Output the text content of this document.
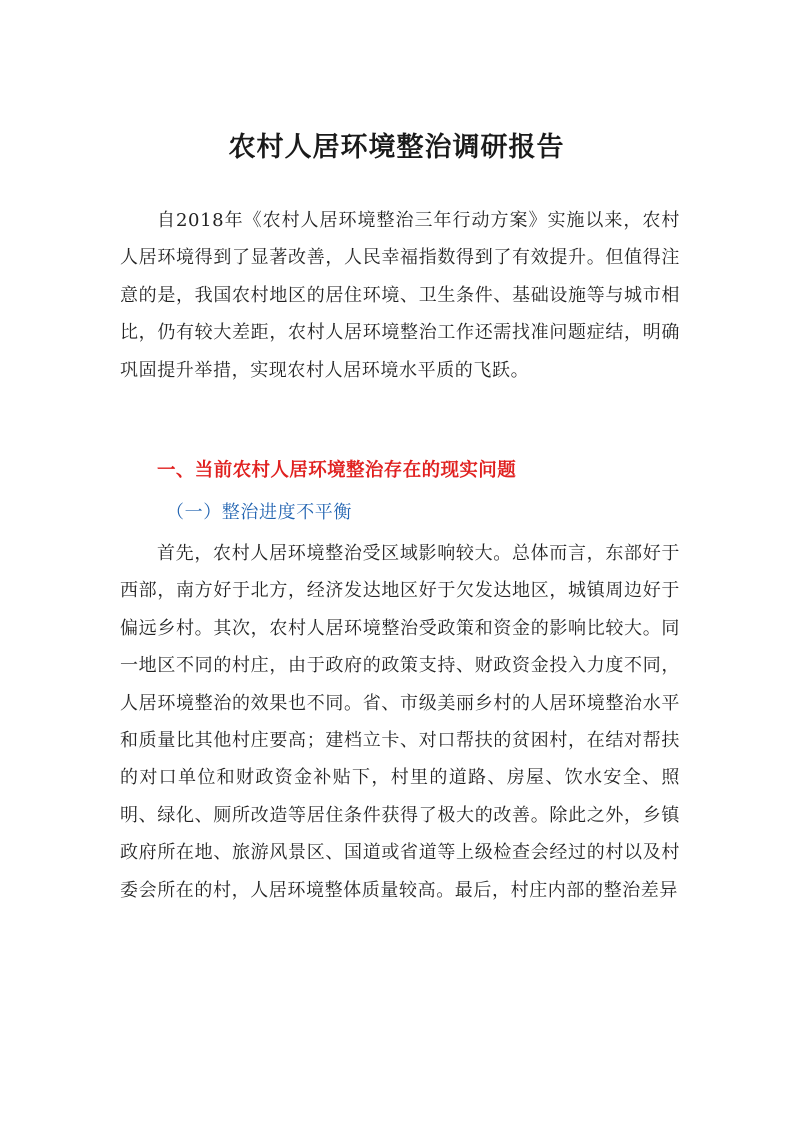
农村人居环境整治调研报告

自2018年《农村人居环境整治三年行动方案》实施以来，农村人居环境得到了显著改善，人民幸福指数得到了有效提升。但值得注意的是，我国农村地区的居住环境、卫生条件、基础设施等与城市相比，仍有较大差距，农村人居环境整治工作还需找准问题症结，明确巩固提升举措，实现农村人居环境水平质的飞跃。

一、当前农村人居环境整治存在的现实问题
（一）整治进度不平衡

首先，农村人居环境整治受区域影响较大。总体而言，东部好于西部，南方好于北方，经济发达地区好于欠发达地区，城镇周边好于偏远乡村。其次，农村人居环境整治受政策和资金的影响比较大。同一地区不同的村庄，由于政府的政策支持、财政资金投入力度不同，人居环境整治的效果也不同。省、市级美丽乡村的人居环境整治水平和质量比其他村庄要高；建档立卡、对口帮扶的贫困村，在结对帮扶的对口单位和财政资金补贴下，村里的道路、房屋、饮水安全、照明、绿化、厕所改造等居住条件获得了极大的改善。除此之外，乡镇政府所在地、旅游风景区、国道或省道等上级检查会经过的村以及村委会所在的村，人居环境整体质量较高。最后，村庄内部的整治差异
